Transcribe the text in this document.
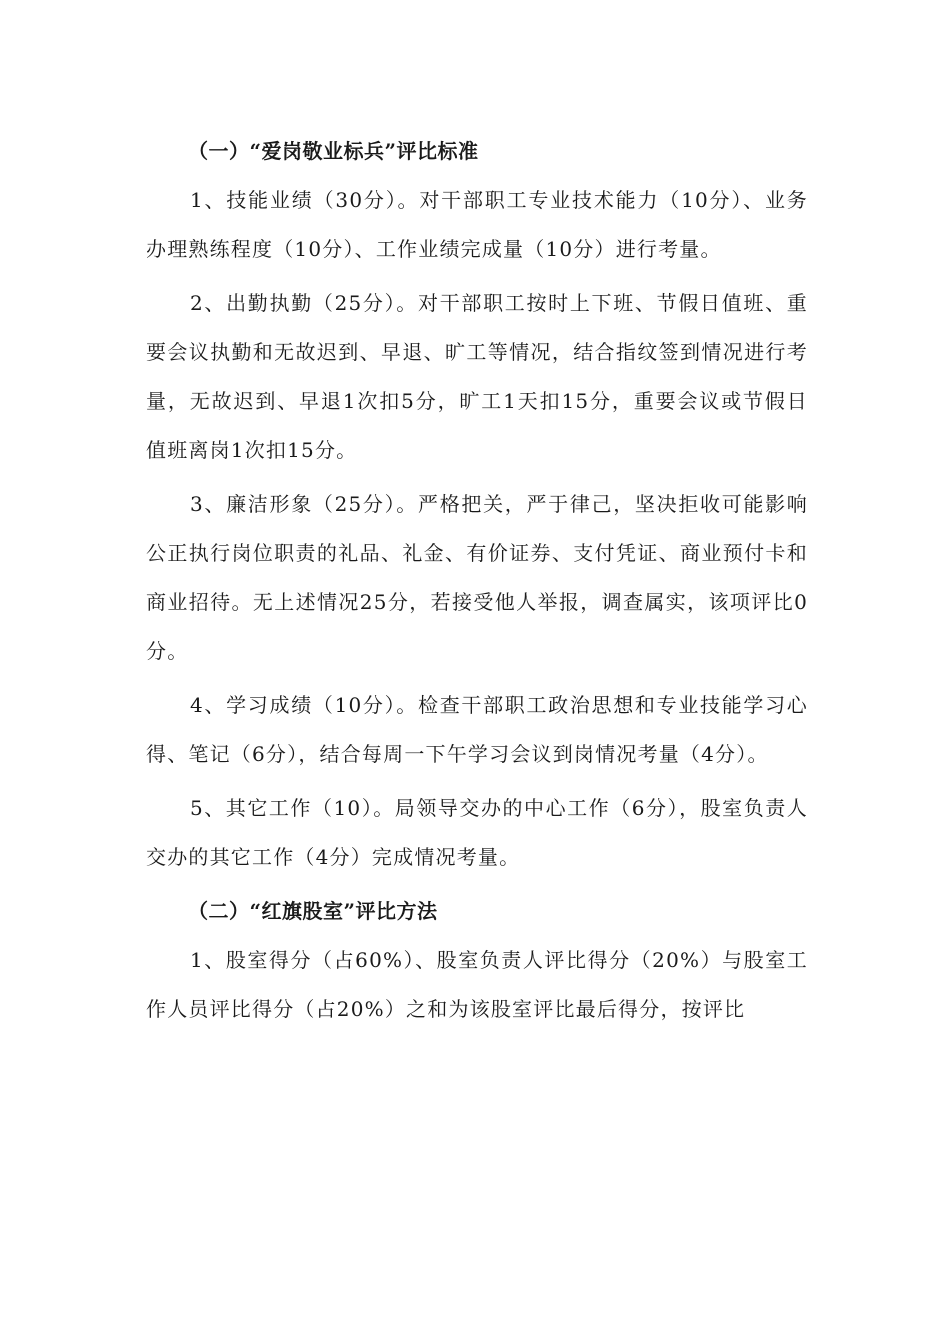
（一）“爱岗敬业标兵”评比标准

1、技能业绩（30分）。对干部职工专业技术能力（10分）、业务办理熟练程度（10分）、工作业绩完成量（10分）进行考量。

2、出勤执勤（25分）。对干部职工按时上下班、节假日值班、重要会议执勤和无故迟到、早退、旷工等情况，结合指纹签到情况进行考量，无故迟到、早退1次扣5分，旷工1天扣15分，重要会议或节假日值班离岗1次扣15分。

3、廉洁形象（25分）。严格把关，严于律己，坚决拒收可能影响公正执行岗位职责的礼品、礼金、有价证券、支付凭证、商业预付卡和商业招待。无上述情况25分，若接受他人举报，调查属实，该项评比0分。

4、学习成绩（10分）。检查干部职工政治思想和专业技能学习心得、笔记（6分），结合每周一下午学习会议到岗情况考量（4分）。

5、其它工作（10）。局领导交办的中心工作（6分），股室负责人交办的其它工作（4分）完成情况考量。

（二）“红旗股室”评比方法

1、股室得分（占60%）、股室负责人评比得分（20%）与股室工作人员评比得分（占20%）之和为该股室评比最后得分，按评比
